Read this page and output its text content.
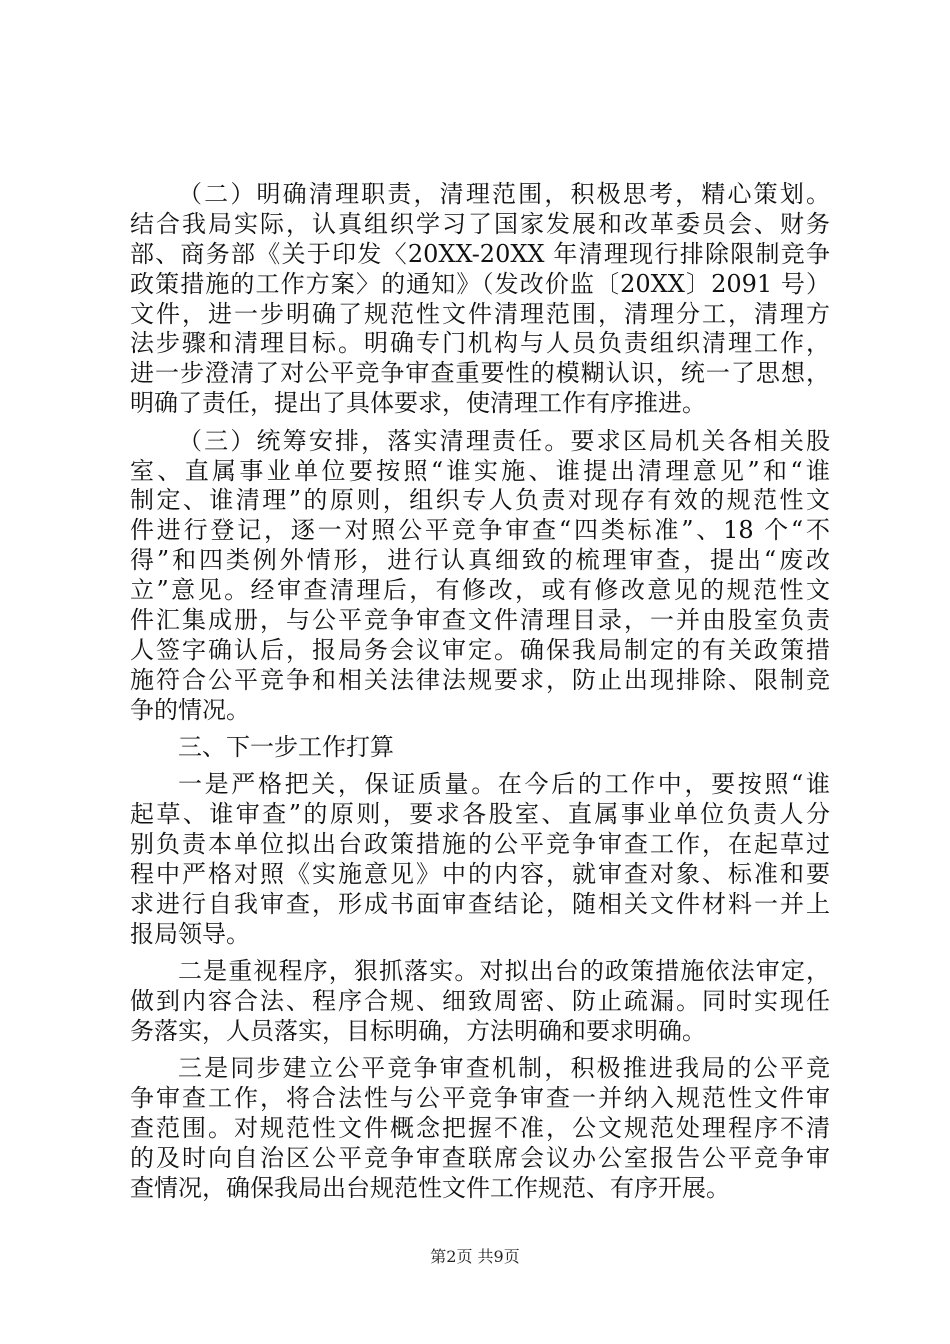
（二）明确清理职责，清理范围，积极思考，精心策划。
结合我局实际，认真组织学习了国家发展和改革委员会、财务
部、商务部《关于印发〈20XX-20XX 年清理现行排除限制竞争
政策措施的工作方案〉的通知》（发改价监〔20XX〕2091 号）
文件，进一步明确了规范性文件清理范围，清理分工，清理方
法步骤和清理目标。明确专门机构与人员负责组织清理工作，
进一步澄清了对公平竞争审查重要性的模糊认识，统一了思想，
明确了责任，提出了具体要求，使清理工作有序推进。
（三）统筹安排，落实清理责任。要求区局机关各相关股
室、直属事业单位要按照“谁实施、谁提出清理意见”和“谁
制定、谁清理”的原则，组织专人负责对现存有效的规范性文
件进行登记，逐一对照公平竞争审查“四类标准”、18 个“不
得”和四类例外情形，进行认真细致的梳理审查，提出“废改
立”意见。经审查清理后，有修改，或有修改意见的规范性文
件汇集成册，与公平竞争审查文件清理目录，一并由股室负责
人签字确认后，报局务会议审定。确保我局制定的有关政策措
施符合公平竞争和相关法律法规要求，防止出现排除、限制竞
争的情况。
三、下一步工作打算
一是严格把关，保证质量。在今后的工作中，要按照“谁
起草、谁审查”的原则，要求各股室、直属事业单位负责人分
别负责本单位拟出台政策措施的公平竞争审查工作，在起草过
程中严格对照《实施意见》中的内容，就审查对象、标准和要
求进行自我审查，形成书面审查结论，随相关文件材料一并上
报局领导。
二是重视程序，狠抓落实。对拟出台的政策措施依法审定，
做到内容合法、程序合规、细致周密、防止疏漏。同时实现任
务落实，人员落实，目标明确，方法明确和要求明确。
三是同步建立公平竞争审查机制，积极推进我局的公平竞
争审查工作，将合法性与公平竞争审查一并纳入规范性文件审
查范围。对规范性文件概念把握不准，公文规范处理程序不清
的及时向自治区公平竞争审查联席会议办公室报告公平竞争审
查情况，确保我局出台规范性文件工作规范、有序开展。
第2页 共9页
